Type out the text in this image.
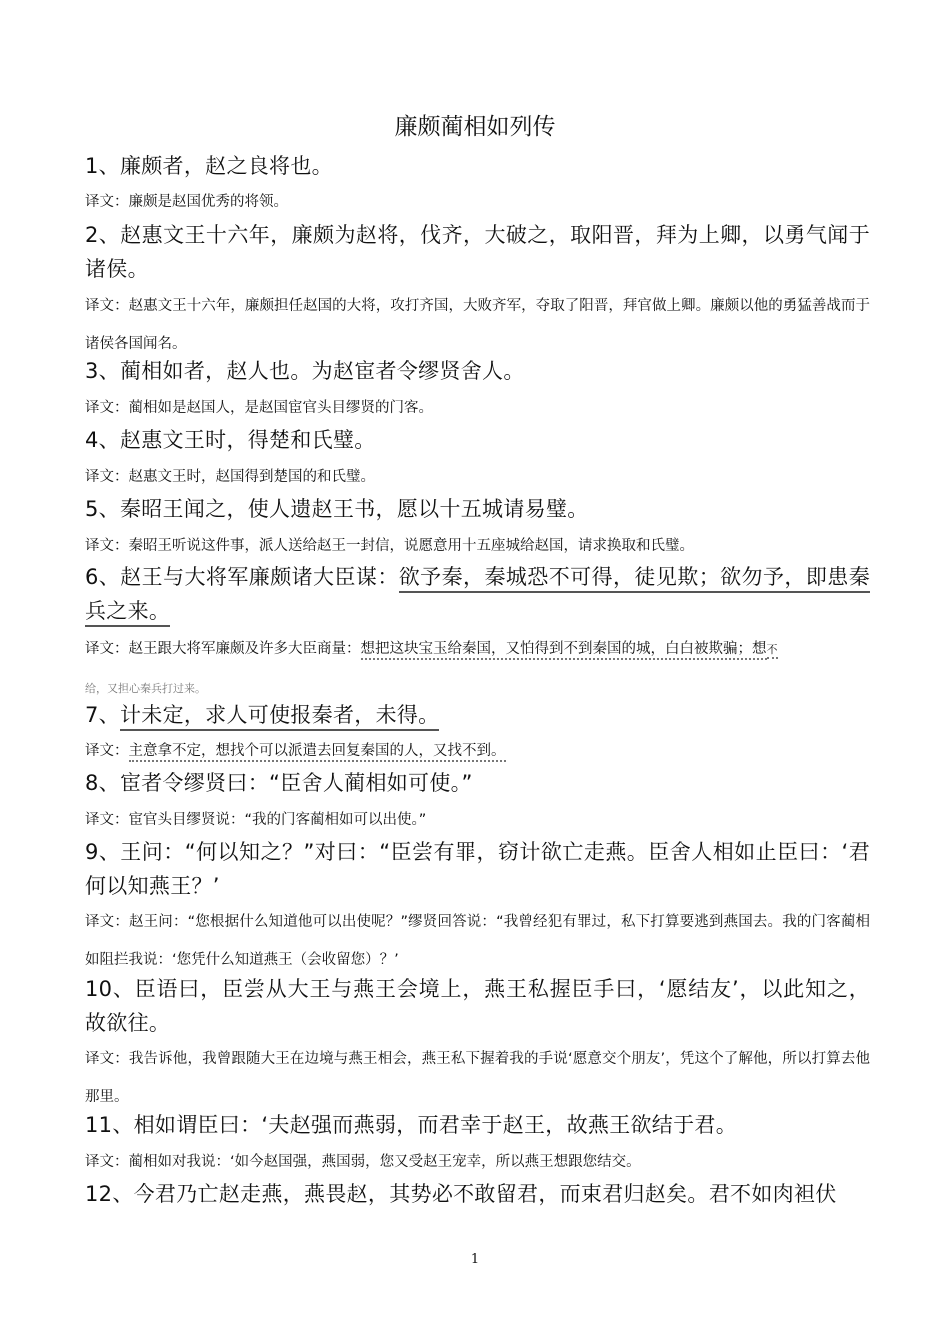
廉颇蔺相如列传
1、廉颇者，赵之良将也。
译文：廉颇是赵国优秀的将领。
2、赵惠文王十六年，廉颇为赵将，伐齐，大破之，取阳晋，拜为上卿，以勇气闻于诸侯。
译文：赵惠文王十六年，廉颇担任赵国的大将，攻打齐国，大败齐军，夺取了阳晋，拜官做上卿。廉颇以他的勇猛善战而于诸侯各国闻名。
3、蔺相如者，赵人也。为赵宦者令缪贤舍人。
译文：蔺相如是赵国人，是赵国宦官头目缪贤的门客。
4、赵惠文王时，得楚和氏璧。
译文：赵惠文王时，赵国得到楚国的和氏璧。
5、秦昭王闻之，使人遗赵王书，愿以十五城请易璧。
译文：秦昭王听说这件事，派人送给赵王一封信，说愿意用十五座城给赵国，请求换取和氏璧。
6、赵王与大将军廉颇诸大臣谋：欲予秦，秦城恐不可得，徒见欺；欲勿予，即患秦兵之来。
译文：赵王跟大将军廉颇及许多大臣商量：想把这块宝玉给秦国，又怕得到不到秦国的城，白白被欺骗；想不
给，又担心秦兵打过来。
7、计未定，求人可使报秦者，未得。
译文：主意拿不定，想找个可以派遣去回复秦国的人，又找不到。
8、宦者令缪贤曰：“臣舍人蔺相如可使。”
译文：宦官头目缪贤说：“我的门客蔺相如可以出使。”
9、王问：“何以知之？”对曰：“臣尝有罪，窃计欲亡走燕。臣舍人相如止臣曰：‘君何以知燕王？’
译文：赵王问：“您根据什么知道他可以出使呢？”缪贤回答说：“我曾经犯有罪过，私下打算要逃到燕国去。我的门客蔺相如阻拦我说：‘您凭什么知道燕王（会收留您）？’
10、臣语曰，臣尝从大王与燕王会境上，燕王私握臣手曰，‘愿结友’，以此知之，故欲往。
译文：我告诉他，我曾跟随大王在边境与燕王相会，燕王私下握着我的手说‘愿意交个朋友’，凭这个了解他，所以打算去他那里。
11、相如谓臣曰：‘夫赵强而燕弱，而君幸于赵王，故燕王欲结于君。
译文：蔺相如对我说：‘如今赵国强，燕国弱，您又受赵王宠幸，所以燕王想跟您结交。
12、今君乃亡赵走燕，燕畏赵，其势必不敢留君，而束君归赵矣。君不如肉袒伏
1
